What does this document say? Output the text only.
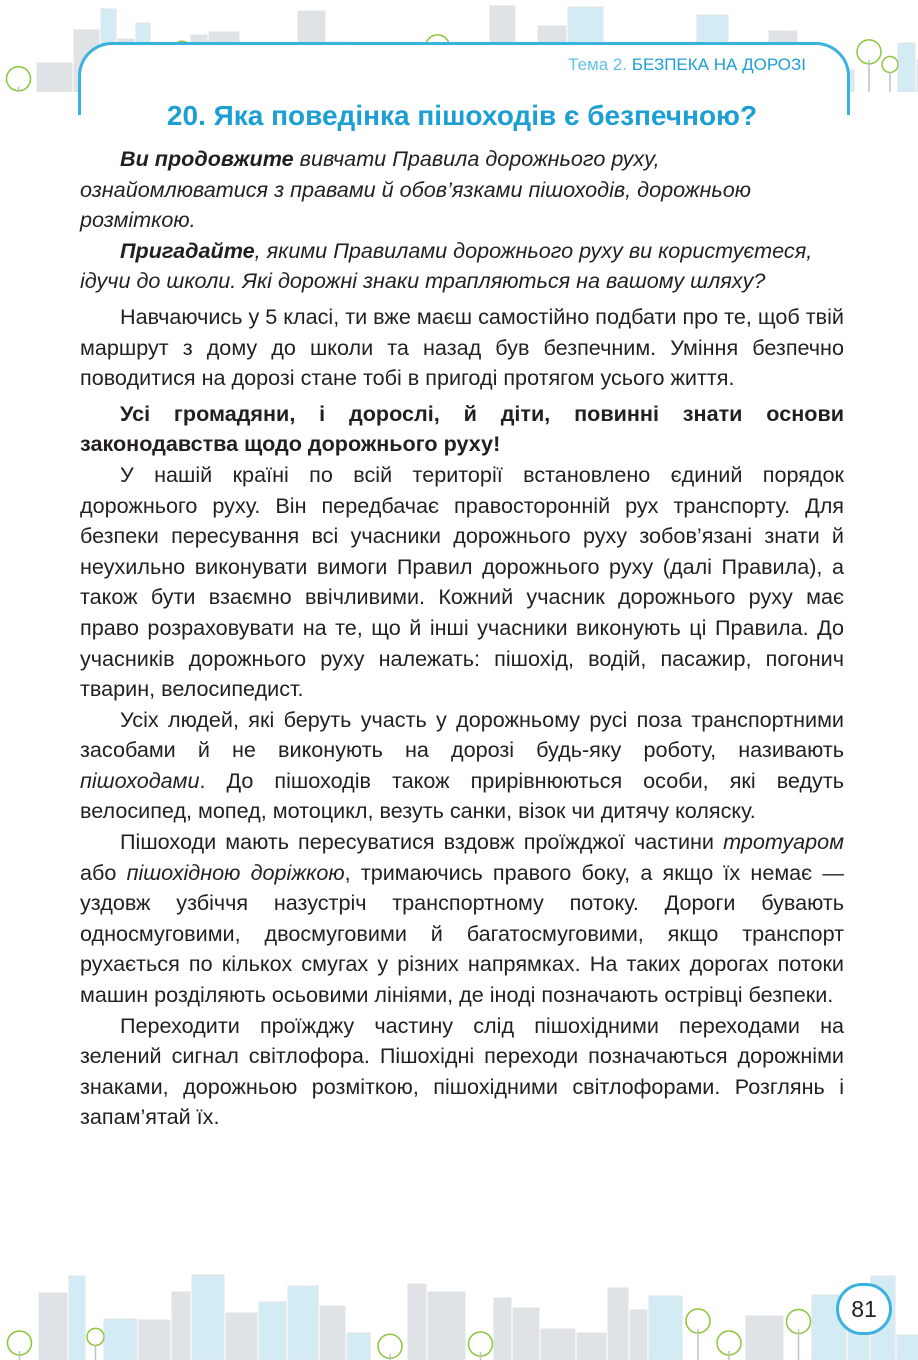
Тема 2. БЕЗПЕКА НА ДОРОЗІ
20. Яка поведінка пішоходів є безпечною?

Ви продовжите вивчати Правила дорожнього руху, ознайомлюватися з правами й обов’язками пішоходів, дорожньою розміткою.

Пригадайте, якими Правилами дорожнього руху ви користуєтеся, ідучи до школи. Які дорожні знаки трапляються на вашому шляху?

Навчаючись у 5 класі, ти вже маєш самостійно подбати про те, щоб твій маршрут з дому до школи та назад був безпечним. Уміння безпечно поводитися на дорозі стане тобі в пригоді протягом усього життя.

Усі громадяни, і дорослі, й діти, повинні знати основи законодавства щодо дорожнього руху!

У нашій країні по всій території встановлено єдиний порядок дорожнього руху. Він передбачає правосторонній рух транспорту. Для безпеки пересування всі учасники дорожнього руху зобов’язані знати й неухильно виконувати вимоги Правил дорожнього руху (далі Правила), а також бути взаємно ввічливими. Кожний учасник дорожнього руху має право розраховувати на те, що й інші учасники виконують ці Правила. До учасників дорожнього руху належать: пішохід, водій, пасажир, погонич тварин, велосипедист.

Усіх людей, які беруть участь у дорожньому русі поза транспортними засобами й не виконують на дорозі будь-яку роботу, називають пішоходами. До пішоходів також прирівнюються особи, які ведуть велосипед, мопед, мотоцикл, везуть санки, візок чи дитячу коляску.

Пішоходи мають пересуватися вздовж проїжджої частини тротуаром або пішохідною доріжкою, тримаючись правого боку, а якщо їх немає — уздовж узбіччя назустріч транспортному потоку. Дороги бувають односмуговими, двосмуговими й багатосмуговими, якщо транспорт рухається по кількох смугах у різних напрямках. На таких дорогах потоки машин розділяють осьовими лініями, де іноді позначають острівці безпеки.

Переходити проїжджу частину слід пішохідними переходами на зелений сигнал світлофора. Пішохідні переходи позначаються дорожніми знаками, дорожньою розміткою, пішохідними світлофорами. Розглянь і запам’ятай їх.

81
